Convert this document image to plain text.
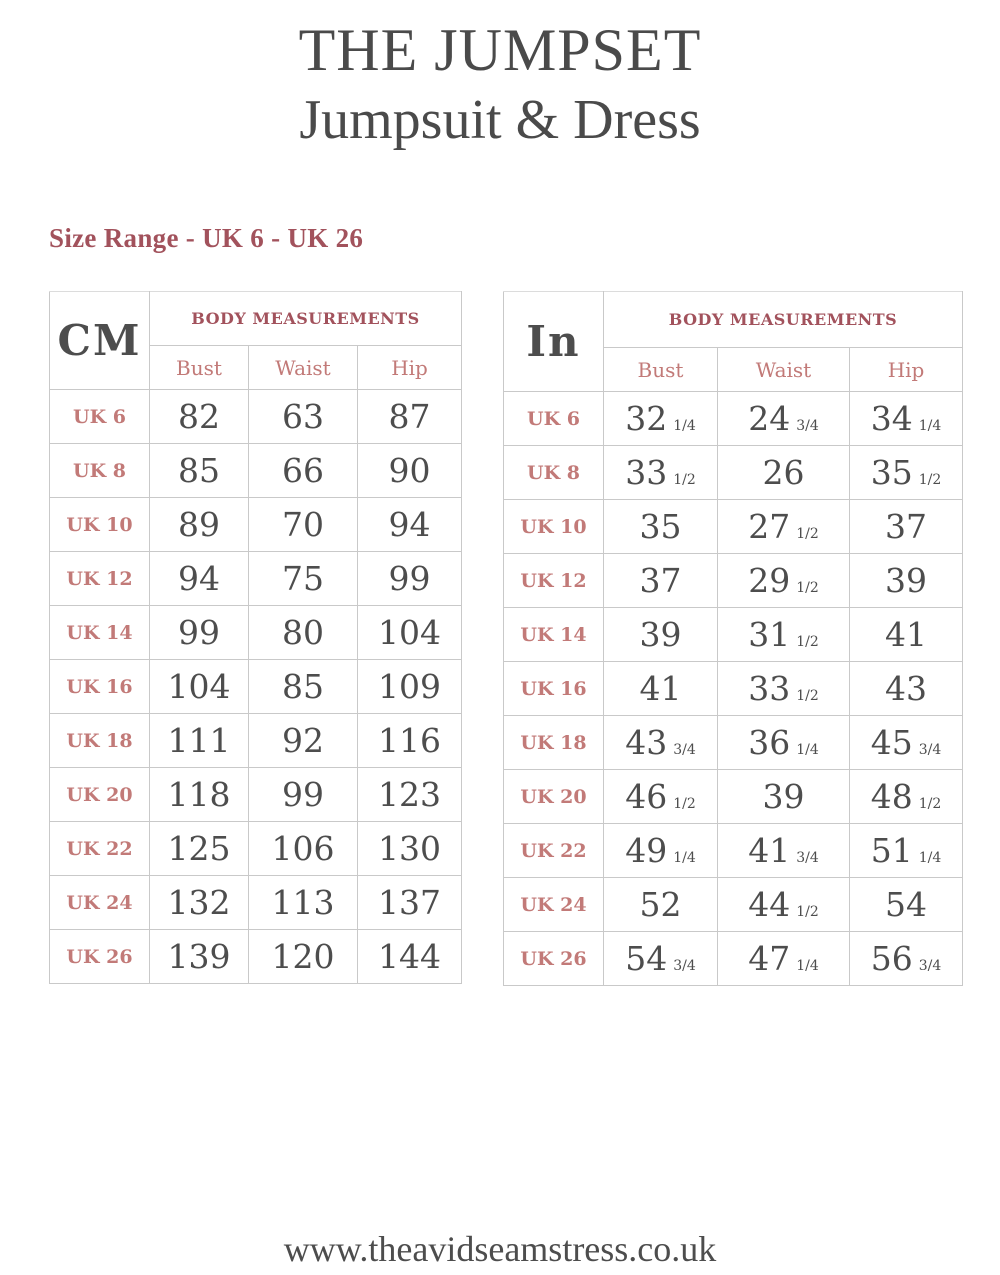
THE JUMPSET
Jumpsuit & Dress
Size Range - UK 6 - UK 26
CM	BODY MEASUREMENTS		
	Bust	Waist	Hip
UK 6	82	63	87
UK 8	85	66	90
UK 10	89	70	94
UK 12	94	75	99
UK 14	99	80	104
UK 16	104	85	109
UK 18	111	92	116
UK 20	118	99	123
UK 22	125	106	130
UK 24	132	113	137
UK 26	139	120	144
In	BODY MEASUREMENTS		
	Bust	Waist	Hip
UK 6	32 1/4	24 3/4	34 1/4
UK 8	33 1/2	26	35 1/2
UK 10	35	27 1/2	37
UK 12	37	29 1/2	39
UK 14	39	31 1/2	41
UK 16	41	33 1/2	43
UK 18	43 3/4	36 1/4	45 3/4
UK 20	46 1/2	39	48 1/2
UK 22	49 1/4	41 3/4	51 1/4
UK 24	52	44 1/2	54
UK 26	54 3/4	47 1/4	56 3/4
www.theavidseamstress.co.uk
